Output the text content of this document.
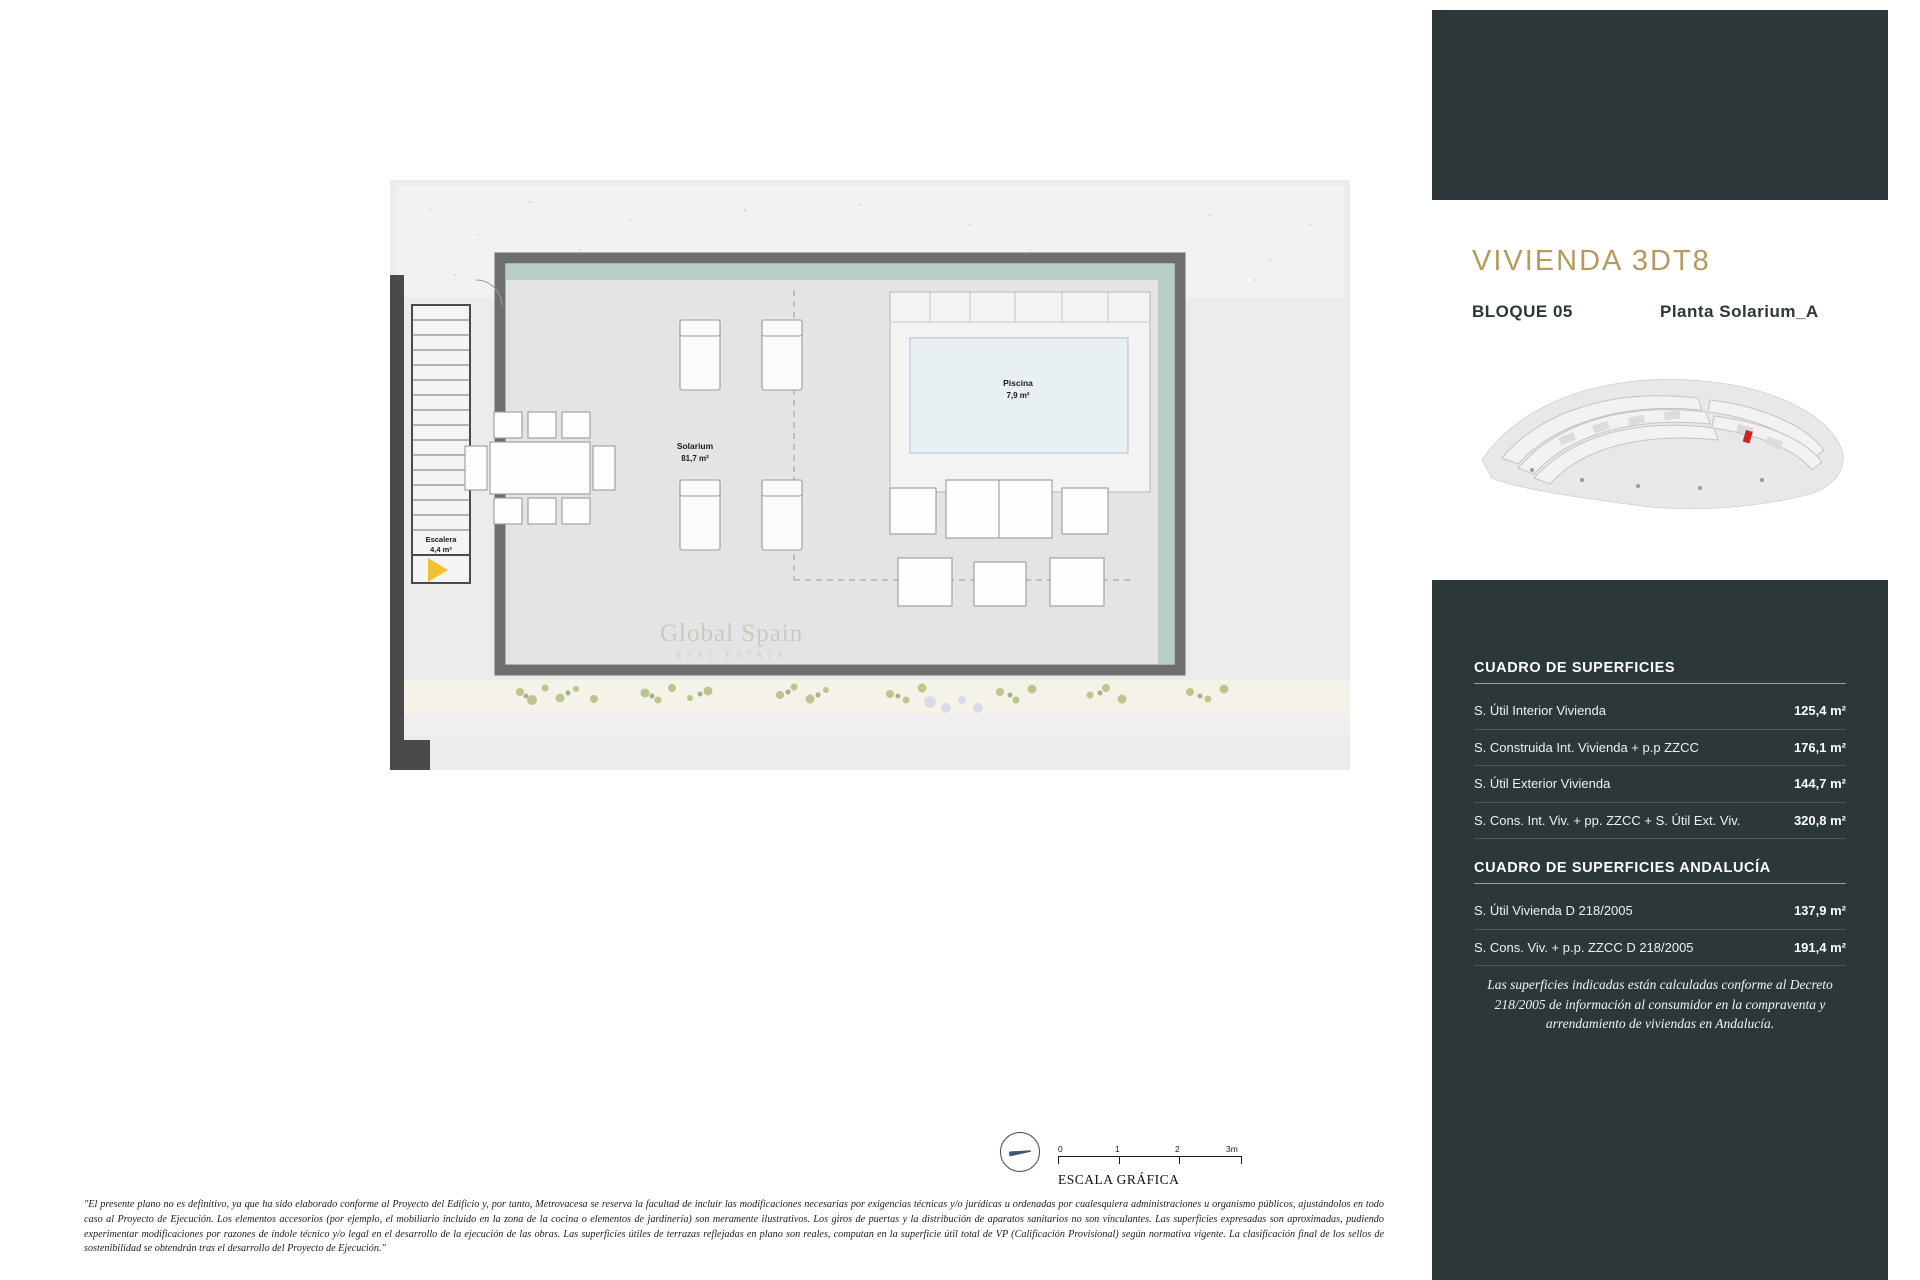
Solarium
81,7 m²
Piscina
7,9 m²
Escalera
4,4 m²
Global Spain
REAL ESTATE
0	1	2	3m
ESCALA GRÁFICA
"El presente plano no es definitivo, ya que ha sido elaborado conforme al Proyecto del Edificio y, por tanto, Metrovacesa se reserva la facultad de incluir las modificaciones necesarias por exigencias técnicas y/o jurídicas u ordenadas por cualesquiera administraciones u organismo públicos, ajustándolos en todo caso al Proyecto de Ejecución. Los elementos accesorios (por ejemplo, el mobiliario incluido en la zona de la cocina o elementos de jardinería) son meramente ilustrativos. Los giros de puertas y la distribución de aparatos sanitarios no son vinculantes. Las superficies expresadas son aproximadas, pudiendo experimentar modificaciones por razones de índole técnico y/o legal en el desarrollo de la ejecución de las obras. Las superficies útiles de terrazas reflejadas en plano son reales, computan en la superficie útil total de VP (Calificación Provisional) según normativa vigente. La clasificación final de los sellos de sostenibilidad se obtendrán tras el desarrollo del Proyecto de Ejecución."
VIVIENDA 3DT8
BLOQUE 05	Planta Solarium_A
CUADRO DE SUPERFICIES
S. Útil Interior Vivienda	125,4 m²
S. Construida Int. Vivienda + p.p ZZCC	176,1 m²
S. Útil Exterior Vivienda	144,7 m²
S. Cons. Int. Viv. + pp. ZZCC + S. Útil Ext. Viv.	320,8 m²
CUADRO DE SUPERFICIES ANDALUCÍA
S. Útil Vivienda D 218/2005	137,9 m²
S. Cons. Viv. + p.p. ZZCC D 218/2005	191,4 m²
Las superficies indicadas están calculadas conforme al Decreto 218/2005 de información al consumidor en la compraventa y arrendamiento de viviendas en Andalucía.
